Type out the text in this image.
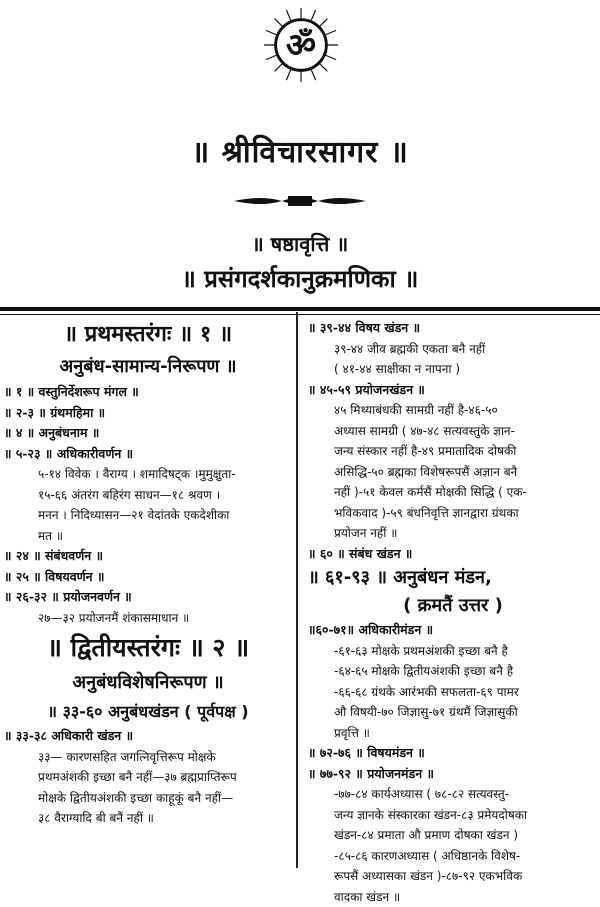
ॐ
॥ श्रीविचारसागर ॥
॥ षष्ठावृत्ति ॥
॥ प्रसंगदर्शकानुक्रमणिका ॥
॥ प्रथमस्तरंगः ॥ १ ॥
अनुबंध-सामान्य-निरूपण ॥
॥ १ ॥ वस्तुनिर्देशरूप मंगल ॥
॥ २-३ ॥ ग्रंथमहिमा ॥
॥ ४ ॥ अनुबंधनाम ॥
॥ ५-२३ ॥ अधिकारीवर्णन ॥
५-१४ विवेक । वैराग्य । शमादिषट्क ।मुमुक्षुता-
१५-६६ अंतरंग बहिरंग साधन—१८ श्रवण ।
मनन । निदिध्यासन—२१ वेदांतके एकदेशीका
मत ॥
॥ २४ ॥ संबंधवर्णन ॥
॥ २५ ॥ विषयवर्णन ॥
॥ २६-३२ ॥ प्रयोजनवर्णन ॥
२७—३२ प्रयोजनमैं शंकासमाधान ॥
॥ द्वितीयस्तरंगः ॥ २ ॥
अनुबंधविशेषनिरूपण ॥
॥ ३३-६० अनुबंधखंडन ( पूर्वपक्ष )
॥ ३३-३८ अधिकारी खंडन ॥
३३— कारणसहित जगत्निवृत्तिरूप मोक्षके
प्रथमअंशकी इच्छा बनै नहीं—३७ ब्रह्मप्राप्तिरूप
मोक्षके द्वितीयअंशकी इच्छा काहूकूं बनै नहीं—
३८ वैराग्यादि बी बनैं नहीं ॥
॥ ३९-४४ विषय खंडन ॥
३९-४४ जीव ब्रह्मकी एकता बनै नहीं
( ४१-४४ साक्षीका न नापना )
॥ ४५-५९ प्रयोजनखंडन ॥
४५ मिथ्याबंधकी सामग्री नहीं है-४६-५०
अध्यास सामग्री ( ४७-४८ सत्यवस्तुके ज्ञान-
जन्य संस्कार नहीं है-४९ प्रमातादिक दोषकी
असिद्धि-५० ब्रह्मका विशेषरूपसैं अज्ञान बनै
नहीं )-५१ केवल कर्मसैं मोक्षकी सिद्धि ( एक-
भविकवाद )-५९ बंधनिवृत्ति ज्ञानद्वारा ग्रंथका
प्रयोजन नहीं ॥
॥ ६० ॥ संबंध खंडन ॥
॥ ६१-९३ ॥ अनुबंधन मंडन,
( क्रमतैं उत्तर )
॥६०-७१॥ अधिकारीमंडन ॥
-६१-६३ मोक्षके प्रथमअंशकी इच्छा बनै है
-६४-६५ मोक्षके द्वितीयअंशकी इच्छा बनै है
-६६-६८ ग्रंथके आरंभकी सफलता-६९ पामर
औ विषयी-७० जिज्ञासु-७१ ग्रंथमैं जिज्ञासुकी
प्रवृत्ति ॥
॥ ७२-७६ ॥ विषयमंडन ॥
॥ ७७-९२ ॥ प्रयोजनमंडन ॥
-७७-८४ कार्यअध्यास ( ७८-८२ सत्यवस्तु-
जन्य ज्ञानके संस्कारका खंडन-८३ प्रमेयदोषका
खंडन-८४ प्रमाता औ प्रमाण दोषका खंडन )
-८५-८६ कारणअध्यास ( अधिष्ठानके विशेष-
रूपसैं अध्यासका खंडन )-८७-९२ एकभविक
वादका खंडन ॥
